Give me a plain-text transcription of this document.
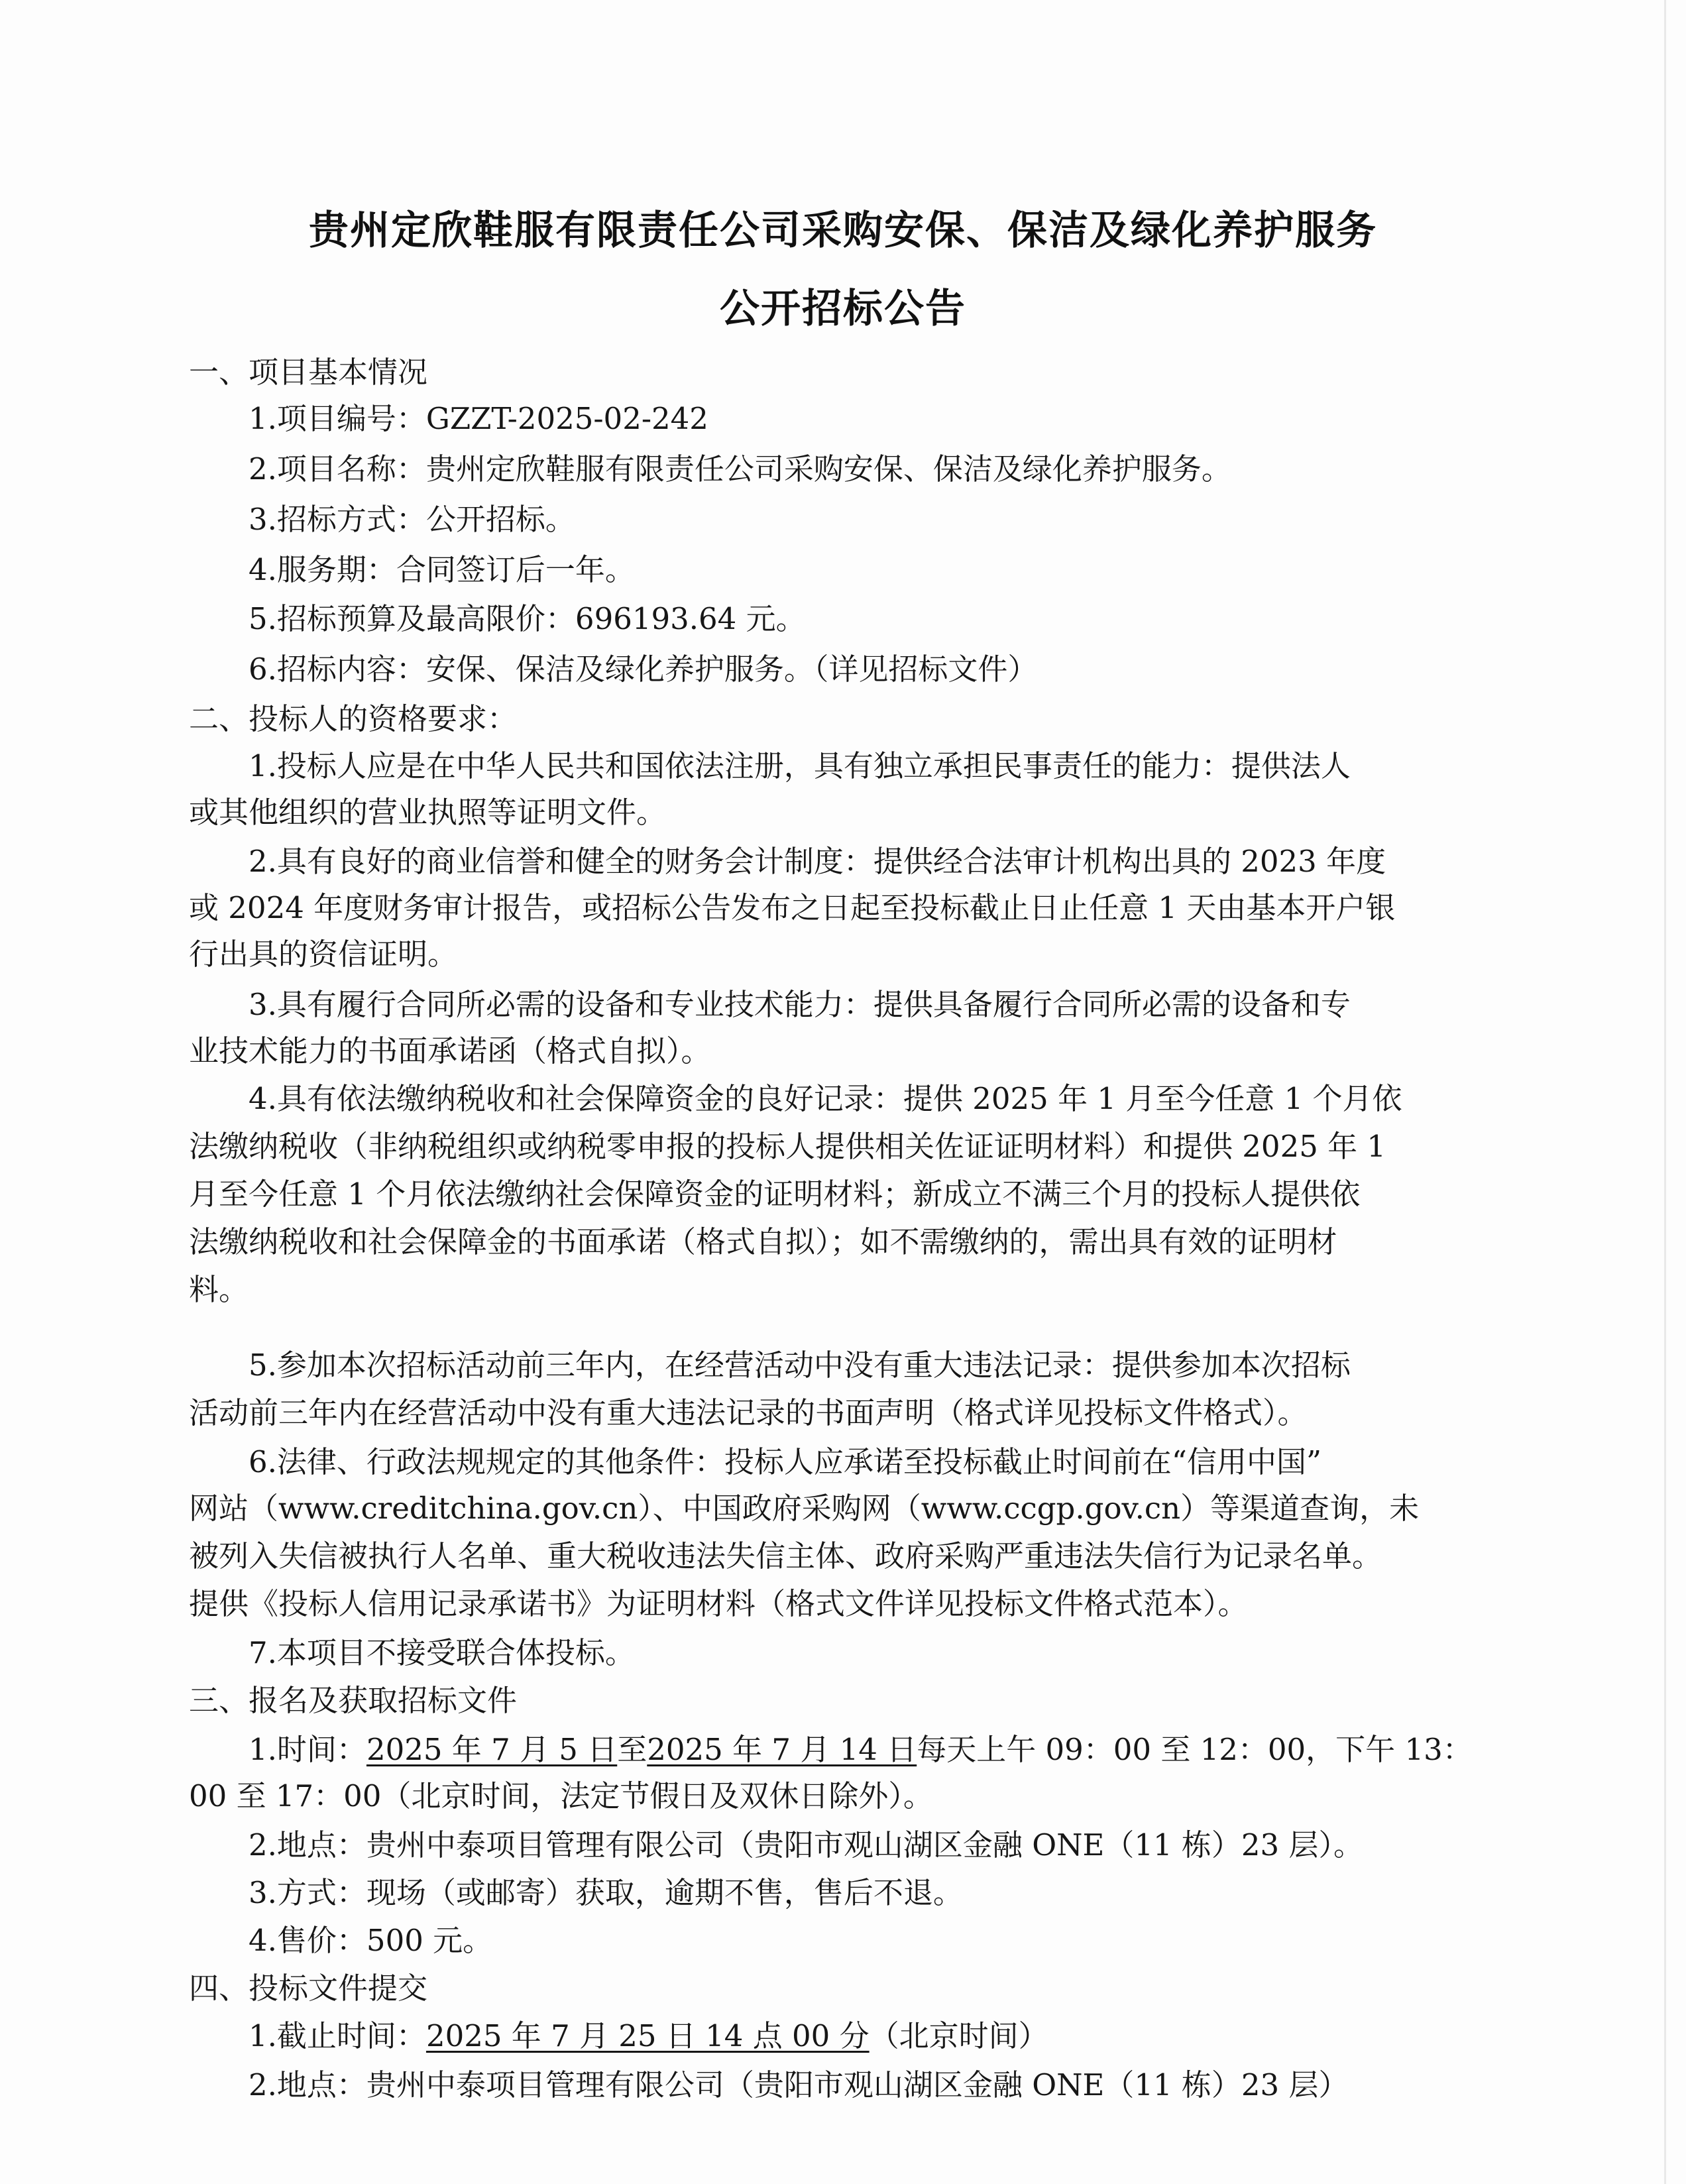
贵州定欣鞋服有限责任公司采购安保、保洁及绿化养护服务
公开招标公告
一、项目基本情况
1.项目编号：GZZT-2025-02-242
2.项目名称：贵州定欣鞋服有限责任公司采购安保、保洁及绿化养护服务。
3.招标方式：公开招标。
4.服务期：合同签订后一年。
5.招标预算及最高限价：696193.64 元。
6.招标内容：安保、保洁及绿化养护服务。（详见招标文件）
二、投标人的资格要求：
1.投标人应是在中华人民共和国依法注册，具有独立承担民事责任的能力：提供法人
或其他组织的营业执照等证明文件。
2.具有良好的商业信誉和健全的财务会计制度：提供经合法审计机构出具的 2023 年度
或 2024 年度财务审计报告，或招标公告发布之日起至投标截止日止任意 1 天由基本开户银
行出具的资信证明。
3.具有履行合同所必需的设备和专业技术能力：提供具备履行合同所必需的设备和专
业技术能力的书面承诺函（格式自拟）。
4.具有依法缴纳税收和社会保障资金的良好记录：提供 2025 年 1 月至今任意 1 个月依
法缴纳税收（非纳税组织或纳税零申报的投标人提供相关佐证证明材料）和提供 2025 年 1
月至今任意 1 个月依法缴纳社会保障资金的证明材料；新成立不满三个月的投标人提供依
法缴纳税收和社会保障金的书面承诺（格式自拟）；如不需缴纳的，需出具有效的证明材
料。
5.参加本次招标活动前三年内，在经营活动中没有重大违法记录：提供参加本次招标
活动前三年内在经营活动中没有重大违法记录的书面声明（格式详见投标文件格式）。
6.法律、行政法规规定的其他条件：投标人应承诺至投标截止时间前在“信用中国”
网站（www.creditchina.gov.cn）、中国政府采购网（www.ccgp.gov.cn）等渠道查询，未
被列入失信被执行人名单、重大税收违法失信主体、政府采购严重违法失信行为记录名单。
提供《投标人信用记录承诺书》为证明材料（格式文件详见投标文件格式范本）。
7.本项目不接受联合体投标。
三、报名及获取招标文件
1.时间：2025 年 7 月 5 日至2025 年 7 月 14 日每天上午 09：00 至 12：00，下午 13：
00 至 17：00（北京时间，法定节假日及双休日除外）。
2.地点：贵州中泰项目管理有限公司（贵阳市观山湖区金融 ONE（11 栋）23 层）。
3.方式：现场（或邮寄）获取，逾期不售，售后不退。
4.售价：500 元。
四、投标文件提交
1.截止时间：2025 年 7 月 25 日 14 点 00 分（北京时间）
2.地点：贵州中泰项目管理有限公司（贵阳市观山湖区金融 ONE（11 栋）23 层）
